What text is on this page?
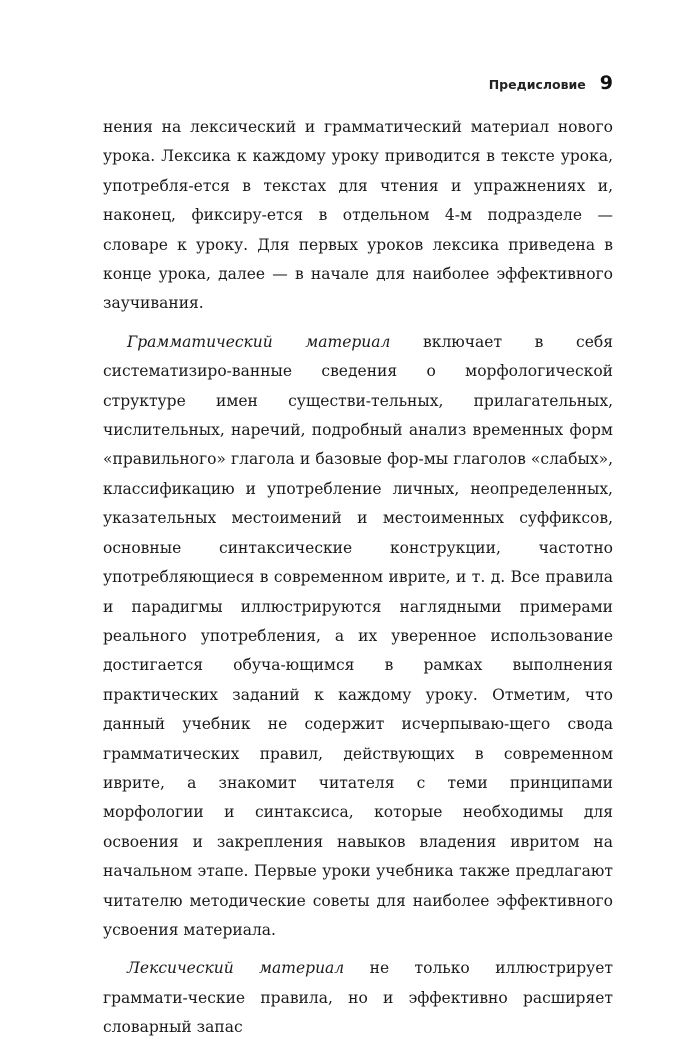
Предисловие 9

нения на лексический и грамматический материал нового урока. Лексика к каждому уроку приводится в тексте урока, употребля-ется в текстах для чтения и упражнениях и, наконец, фиксиру-ется в отдельном 4-м подразделе — словаре к уроку. Для первых уроков лексика приведена в конце урока, далее — в начале для наиболее эффективного заучивания.

Грамматический материал включает в себя систематизиро-ванные сведения о морфологической структуре имен существи-тельных, прилагательных, числительных, наречий, подробный анализ временных форм «правильного» глагола и базовые фор-мы глаголов «слабых», классификацию и употребление личных, неопределенных, указательных местоимений и местоименных суффиксов, основные синтаксические конструкции, частотно употребляющиеся в современном иврите, и т. д. Все правила и парадигмы иллюстрируются наглядными примерами реального употребления, а их уверенное использование достигается обуча-ющимся в рамках выполнения практических заданий к каждому уроку. Отметим, что данный учебник не содержит исчерпываю-щего свода грамматических правил, действующих в современном иврите, а знакомит читателя с теми принципами морфологии и синтаксиса, которые необходимы для освоения и закрепления навыков владения ивритом на начальном этапе. Первые уроки учебника также предлагают читателю методические советы для наиболее эффективного усвоения материала.

Лексический материал не только иллюстрирует граммати-ческие правила, но и эффективно расширяет словарный запас
